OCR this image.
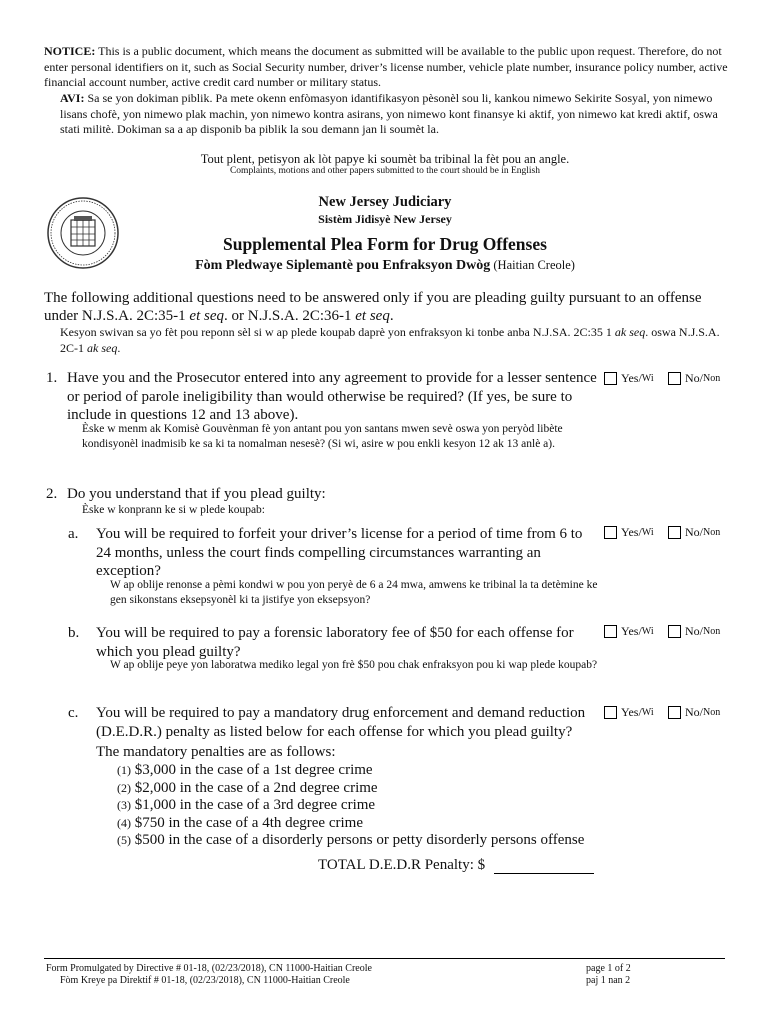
NOTICE: This is a public document, which means the document as submitted will be available to the public upon request. Therefore, do not enter personal identifiers on it, such as Social Security number, driver’s license number, vehicle plate number, insurance policy number, active financial account number, active credit card number or military status.
AVI: Sa se yon dokiman piblik. Pa mete okenn enfòmasyon idantifikasyon pèsonèl sou li, kankou nimewo Sekirite Sosyal, yon nimewo lisans chofè, yon nimewo plak machin, yon nimewo kontra asirans, yon nimewo kont finansye ki aktif, yon nimewo kat kredi aktif, oswa stati militè. Dokiman sa a ap disponib ba piblik la sou demann jan li soumèt la.
Tout plent, petisyon ak lòt papye ki soumèt ba tribinal la fèt pou an angle.
Complaints, motions and other papers submitted to the court should be in English
New Jersey Judiciary
Sistèm Jidisyè New Jersey
Supplemental Plea Form for Drug Offenses
Fòm Pledwaye Siplemantè pou Enfraksyon Dwòg (Haitian Creole)
The following additional questions need to be answered only if you are pleading guilty pursuant to an offense under N.J.S.A. 2C:35-1 et seq. or N.J.S.A. 2C:36-1 et seq.
Kesyon swivan sa yo fèt pou reponn sèl si w ap plede koupab daprè yon enfraksyon ki tonbe anba N.J.SA. 2C:35 1 ak seq. oswa N.J.S.A. 2C-1 ak seq.
1. Have you and the Prosecutor entered into any agreement to provide for a lesser sentence or period of parole ineligibility than would otherwise be required? (If yes, be sure to include in questions 12 and 13 above).
Èske w menm ak Komisè Gouvènman fè yon antant pou yon santans mwen sevè oswa yon peryòd libète kondisyonèl inadmisib ke sa ki ta nomalman nesesè? (Si wi, asire w pou enkli kesyon 12 ak 13 anlè a).
Yes/ Wi	No/ Non
2. Do you understand that if you plead guilty:
Èske w konprann ke si w plede koupab:
a. You will be required to forfeit your driver’s license for a period of time from 6 to 24 months, unless the court finds compelling circumstances warranting an exception?
W ap oblije renonse a pèmi kondwi w pou yon peryè de 6 a 24 mwa, amwens ke tribinal la ta detèmine ke gen sikonstans eksepsyonèl ki ta jistifye yon eksepsyon?
Yes/ Wi	No/ Non
b. You will be required to pay a forensic laboratory fee of $50 for each offense for which you plead guilty?
W ap oblije peye yon laboratwa mediko legal yon frè $50 pou chak enfraksyon pou ki wap plede koupab?
Yes/ Wi	No/ Non
c. You will be required to pay a mandatory drug enforcement and demand reduction (D.E.D.R.) penalty as listed below for each offense for which you plead guilty?
Yes/ Wi	No/ Non
The mandatory penalties are as follows:
(1) $3,000 in the case of a 1st degree crime
(2) $2,000 in the case of a 2nd degree crime
(3) $1,000 in the case of a 3rd degree crime
(4) $750 in the case of a 4th degree crime
(5) $500 in the case of a disorderly persons or petty disorderly persons offense
TOTAL D.E.D.R Penalty: $
Form Promulgated by Directive # 01-18, (02/23/2018), CN 11000-Haitian Creole
Fòm Kreye pa Direktif # 01-18, (02/23/2018), CN 11000-Haitian Creole
page 1 of 2
paj 1 nan 2
